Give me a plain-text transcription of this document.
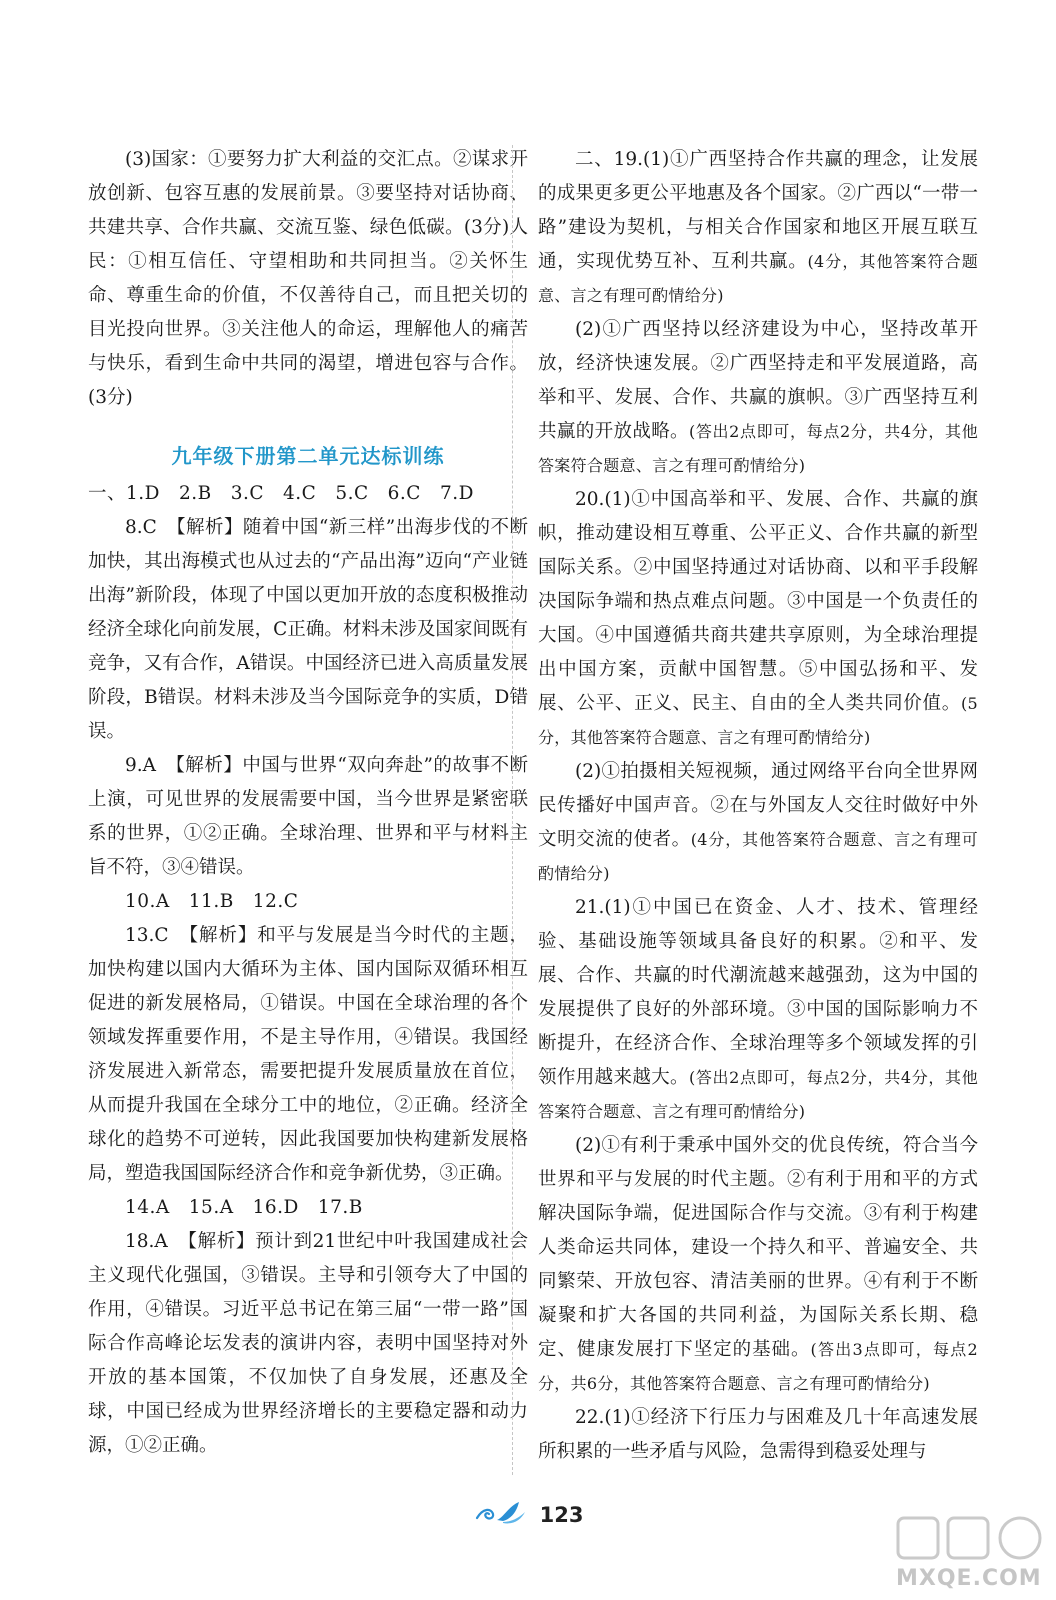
(3)国家：①要努力扩大利益的交汇点。②谋求开放创新、包容互惠的发展前景。③要坚持对话协商、共建共享、合作共赢、交流互鉴、绿色低碳。(3分)人民：①相互信任、守望相助和共同担当。②关怀生命、尊重生命的价值，不仅善待自己，而且把关切的目光投向世界。③关注他人的命运，理解他人的痛苦与快乐，看到生命中共同的渴望，增进包容与合作。(3分)

九年级下册第二单元达标训练

一、1.D　2.B　3.C　4.C　5.C　6.C　7.D

8.C　【解析】随着中国“新三样”出海步伐的不断加快，其出海模式也从过去的“产品出海”迈向“产业链出海”新阶段，体现了中国以更加开放的态度积极推动经济全球化向前发展，C正确。材料未涉及国家间既有竞争，又有合作，A错误。中国经济已进入高质量发展阶段，B错误。材料未涉及当今国际竞争的实质，D错误。

9.A　【解析】中国与世界“双向奔赴”的故事不断上演，可见世界的发展需要中国，当今世界是紧密联系的世界，①②正确。全球治理、世界和平与材料主旨不符，③④错误。

10.A　11.B　12.C

13.C　【解析】和平与发展是当今时代的主题，加快构建以国内大循环为主体、国内国际双循环相互促进的新发展格局，①错误。中国在全球治理的各个领域发挥重要作用，不是主导作用，④错误。我国经济发展进入新常态，需要把提升发展质量放在首位，从而提升我国在全球分工中的地位，②正确。经济全球化的趋势不可逆转，因此我国要加快构建新发展格局，塑造我国国际经济合作和竞争新优势，③正确。

14.A　15.A　16.D　17.B

18.A　【解析】预计到21世纪中叶我国建成社会主义现代化强国，③错误。主导和引领夸大了中国的作用，④错误。习近平总书记在第三届“一带一路”国际合作高峰论坛发表的演讲内容，表明中国坚持对外开放的基本国策，不仅加快了自身发展，还惠及全球，中国已经成为世界经济增长的主要稳定器和动力源，①②正确。

二、19.(1)①广西坚持合作共赢的理念，让发展的成果更多更公平地惠及各个国家。②广西以“一带一路”建设为契机，与相关合作国家和地区开展互联互通，实现优势互补、互利共赢。(4分，其他答案符合题意、言之有理可酌情给分)

(2)①广西坚持以经济建设为中心，坚持改革开放，经济快速发展。②广西坚持走和平发展道路，高举和平、发展、合作、共赢的旗帜。③广西坚持互利共赢的开放战略。(答出2点即可，每点2分，共4分，其他答案符合题意、言之有理可酌情给分)

20.(1)①中国高举和平、发展、合作、共赢的旗帜，推动建设相互尊重、公平正义、合作共赢的新型国际关系。②中国坚持通过对话协商、以和平手段解决国际争端和热点难点问题。③中国是一个负责任的大国。④中国遵循共商共建共享原则，为全球治理提出中国方案，贡献中国智慧。⑤中国弘扬和平、发展、公平、正义、民主、自由的全人类共同价值。(5分，其他答案符合题意、言之有理可酌情给分)

(2)①拍摄相关短视频，通过网络平台向全世界网民传播好中国声音。②在与外国友人交往时做好中外文明交流的使者。(4分，其他答案符合题意、言之有理可酌情给分)

21.(1)①中国已在资金、人才、技术、管理经验、基础设施等领域具备良好的积累。②和平、发展、合作、共赢的时代潮流越来越强劲，这为中国的发展提供了良好的外部环境。③中国的国际影响力不断提升，在经济合作、全球治理等多个领域发挥的引领作用越来越大。(答出2点即可，每点2分，共4分，其他答案符合题意、言之有理可酌情给分)

(2)①有利于秉承中国外交的优良传统，符合当今世界和平与发展的时代主题。②有利于用和平的方式解决国际争端，促进国际合作与交流。③有利于构建人类命运共同体，建设一个持久和平、普遍安全、共同繁荣、开放包容、清洁美丽的世界。④有利于不断凝聚和扩大各国的共同利益，为国际关系长期、稳定、健康发展打下坚定的基础。(答出3点即可，每点2分，共6分，其他答案符合题意、言之有理可酌情给分)

22.(1)①经济下行压力与困难及几十年高速发展所积累的一些矛盾与风险，急需得到稳妥处理与

123
MXQE.COM
